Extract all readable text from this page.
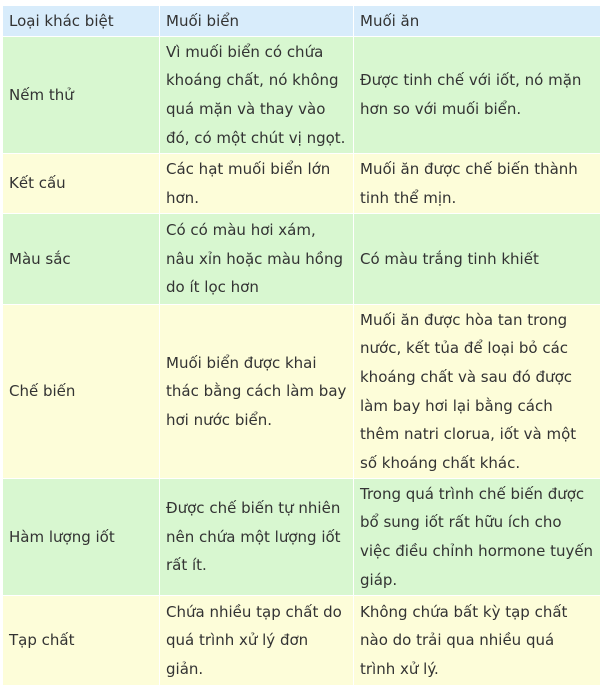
Loại khác biệt	Muối biển	Muối ăn
Nếm thử	Vì muối biển có chứa khoáng chất, nó không quá mặn và thay vào đó, có một chút vị ngọt.	Được tinh chế với iốt, nó mặn hơn so với muối biển.
Kết cấu	Các hạt muối biển lớn hơn.	Muối ăn được chế biến thành tinh thể mịn.
Màu sắc	Có có màu hơi xám, nâu xỉn hoặc màu hồng do ít lọc hơn	Có màu trắng tinh khiết
Chế biến	Muối biển được khai thác bằng cách làm bay hơi nước biển.	Muối ăn được hòa tan trong nước, kết tủa để loại bỏ các khoáng chất và sau đó được làm bay hơi lại bằng cách thêm natri clorua, iốt và một số khoáng chất khác.
Hàm lượng iốt	Được chế biến tự nhiên nên chứa một lượng iốt rất ít.	Trong quá trình chế biến được bổ sung iốt rất hữu ích cho việc điều chỉnh hormone tuyến giáp.
Tạp chất	Chứa nhiều tạp chất do quá trình xử lý đơn giản.	Không chứa bất kỳ tạp chất nào do trải qua nhiều quá trình xử lý.
